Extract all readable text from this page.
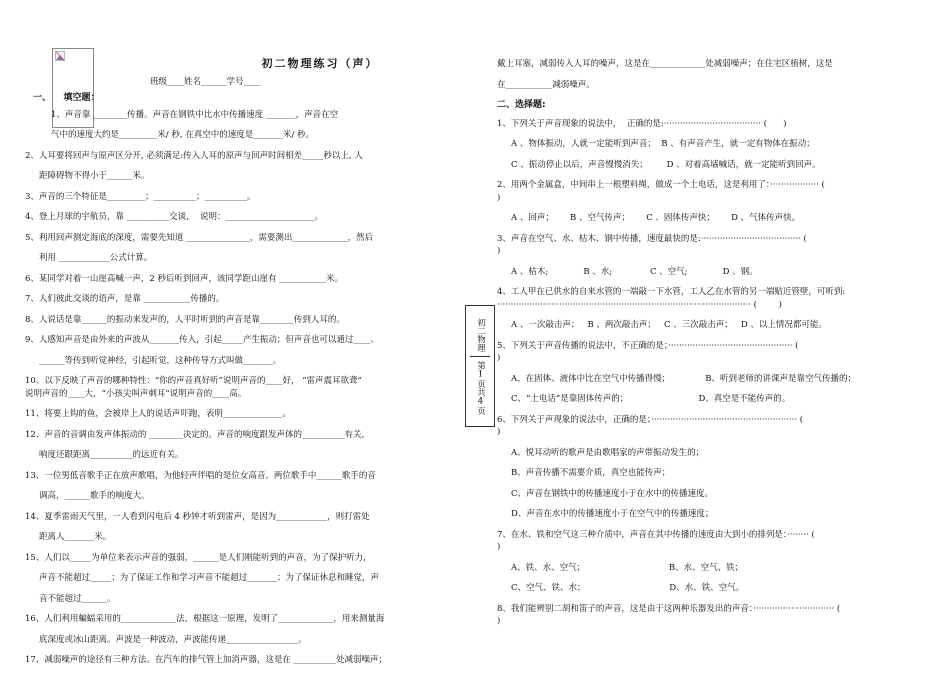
初二物理练习（声）
班级____姓名______学号____
一、    填空题：
1、声音靠 ________传播。声音在钢铁中比水中传播速度 _______，声音在空
气中的速度大约是_________米/ 秒, 在真空中的速度是_______米/ 秒。
2、人耳要将回声与原声区分开, 必须满足:传入人耳的原声与回声时间相差_____秒以上, 人
距障碍物不得小于______米。
3、声音的三个特征是_________；__________；__________。
4、登上月球的宇航员，靠 __________交谈，  说明：_____________________。
5、利用回声测定海底的深度，需要先知道 _______________，需要测出_____________，然后
利用 ____________公式计算。
6、某同学对着一山崖高喊一声，2 秒后听到回声，该同学距山崖有 ___________米。
7、人们彼此交谈的语声，是靠 ___________传播的。
8、人说话是靠______的振动来发声的，人平时听到的声音是靠________传到人耳的。
9、人感知声音是由外来的声波从_______传入，引起_____产生振动；但声音也可以通过____、
______等传到听觉神经，引起听觉，这种传导方式叫做_______。
10、以下反映了声音的哪种特性：“你的声音真好听”说明声音的____好， “雷声震耳欲聋”
说明声音的____大，“小孩尖叫声刺耳”说明声音的____高。
11、将要上钩的鱼，会被岸上人的说话声吓跑，表明______________。
12、声音的音调由发声体振动的 ________决定的。声音的响度跟发声体的__________有关，
响度还跟距离__________的远近有关。
13、一位男低音歌手正在放声歌唱，为他轻声伴唱的是位女高音。两位歌手中______歌手的音
调高，______歌手的响度大。
14、夏季雷雨天气里，一人看到闪电后 4 秒钟才听到雷声，是因为____________，则打雷处
距离人_______米。
15、人们以_____为单位来表示声音的强弱，______是人们刚能听到的声音，为了保护听力，
声音不能超过_____；为了保证工作和学习声音不能超过_______；为了保证休息和睡觉，声
音不能超过______。
16、人们利用蝙蝠采用的_____________法，根据这一原理，发明了_____________，用来测量海
底深度或冰山距离。声波是一种波动，声波能传递_________________。
17、减弱噪声的途径有三种方法。在汽车的排气管上加消声器，这是在 __________处减弱噪声；
初二物理
第1页共4页
戴上耳塞，减弱传入人耳的噪声，这是在_____________处减弱噪声；在住宅区植树，这是
在___________减弱噪声。
二、选择题:
1、下列关于声音现象的说法中，  正确的是:···································· (      )
A 、物体振动，人就一定能听到声音；  B 、有声音产生，就一定有物体在振动；
C 、振动停止以后，声音慢慢消失；       D 、对着高墙喊话，就一定能听到回声。
2、用两个金属盒，中间串上一根塑料绳，做成一个土电话，这是利用了：·················· (
)
A 、回声；      B 、空气传声；      C 、固体传声快；      D 、气体传声快。
3、声音在空气、水、枯木、钢中传播，速度最快的是:····································· (
)
A 、枯木;             B 、水;              C 、空气;             D 、钢。
4、工人甲在已供水的自来水管的一端敲一下水管，工人乙在水管的另一端贴近管壁，可听到:
······························································································ (        )
A 、一次敲击声；   B 、两次敲击声；   C 、三次敲击声；   D 、以上情况都可能。
5、下列关于声音传播的说法中，不正确的是；·············································· (
)
A、在固体、液体中比在空气中传播得慢；             B、听到老师的讲课声是靠空气传播的；
C、“土电话”是靠固体传声的；                          D、真空是不能传声的。
6、下列关于声现象的说法中，正确的是；······················································ (
)
A、悦耳动听的歌声是由歌唱家的声带振动发生的；
B、声音传播不需要介质，真空也能传声；
C、声音在钢铁中的传播速度小于在水中的传播速度。
D、声音在水中的传播速度小于在空气中的传播速度；
7、在水、铁和空气这三种介质中，声音在其中传播的速度由大到小的排列是：········ (
)
A、铁、水、空气；                               B、水、空气、铁；
C、空气、铁、水；                               D、水、铁、空气。
8、我们能辨别二胡和笛子的声音，这是由于这两种乐器发出的声音：······························ (
)
